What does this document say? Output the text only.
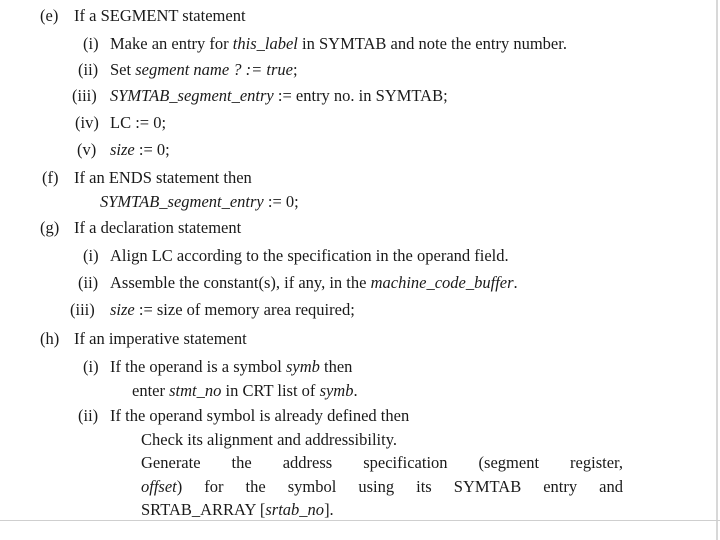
(e) If a SEGMENT statement
(i) Make an entry for this_label in SYMTAB and note the entry number.
(ii) Set segment name ? := true;
(iii) SYMTAB_segment_entry := entry no. in SYMTAB;
(iv) LC := 0;
(v) size := 0;
(f) If an ENDS statement then
SYMTAB_segment_entry := 0;
(g) If a declaration statement
(i) Align LC according to the specification in the operand field.
(ii) Assemble the constant(s), if any, in the machine_code_buffer.
(iii) size := size of memory area required;
(h) If an imperative statement
(i) If the operand is a symbol symb then
enter stmt_no in CRT list of symb.
(ii) If the operand symbol is already defined then
Check its alignment and addressibility.
Generate the address specification (segment register,
offset) for the symbol using its SYMTAB entry and
SRTAB_ARRAY [srtab_no].
